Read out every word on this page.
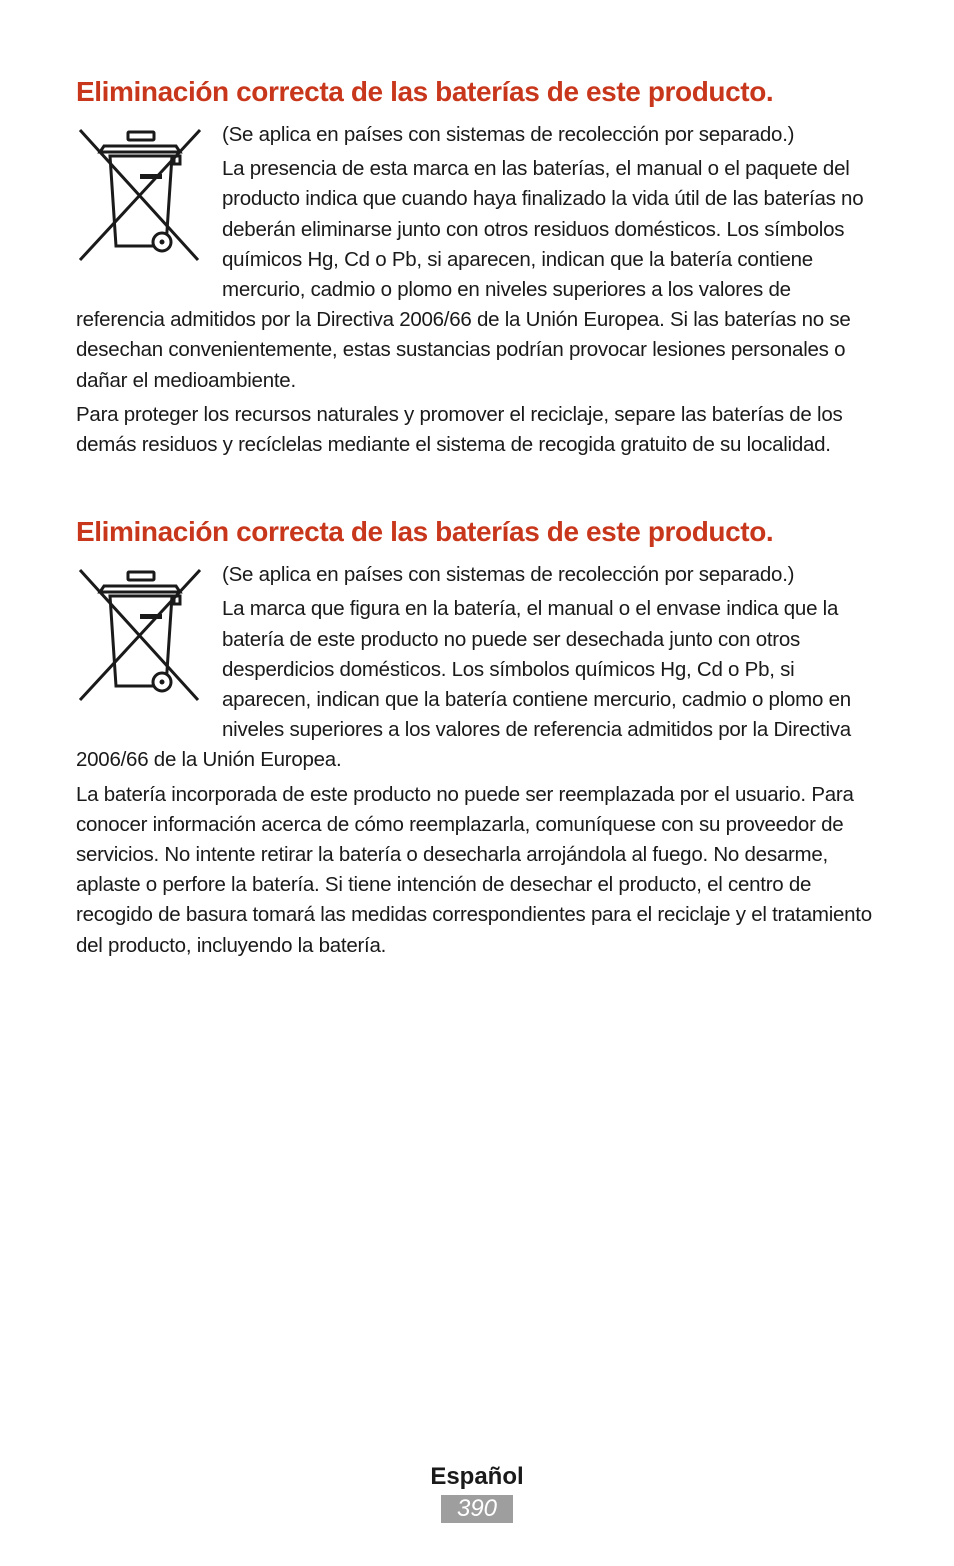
Eliminación correcta de las baterías de este producto.

(Se aplica en países con sistemas de recolección por separado.)

La presencia de esta marca en las baterías, el manual o el paquete del producto indica que cuando haya finalizado la vida útil de las baterías no deberán eliminarse junto con otros residuos domésticos. Los símbolos químicos Hg, Cd o Pb, si aparecen, indican que la batería contiene mercurio, cadmio o plomo en niveles superiores a los valores de referencia admitidos por la Directiva 2006/66 de la Unión Europea. Si las baterías no se desechan convenientemente, estas sustancias podrían provocar lesiones personales o dañar el medioambiente.

Para proteger los recursos naturales y promover el reciclaje, separe las baterías de los demás residuos y recíclelas mediante el sistema de recogida gratuito de su localidad.

Eliminación correcta de las baterías de este producto.

(Se aplica en países con sistemas de recolección por separado.)

La marca que figura en la batería, el manual o el envase indica que la batería de este producto no puede ser desechada junto con otros desperdicios domésticos. Los símbolos químicos Hg, Cd o Pb, si aparecen, indican que la batería contiene mercurio, cadmio o plomo en niveles superiores a los valores de referencia admitidos por la Directiva 2006/66 de la Unión Europea.

La batería incorporada de este producto no puede ser reemplazada por el usuario. Para conocer información acerca de cómo reemplazarla, comuníquese con su proveedor de servicios. No intente retirar la batería o desecharla arrojándola al fuego. No desarme, aplaste o perfore la batería. Si tiene intención de desechar el producto, el centro de recogido de basura tomará las medidas correspondientes para el reciclaje y el tratamiento del producto, incluyendo la batería.

Español
390
